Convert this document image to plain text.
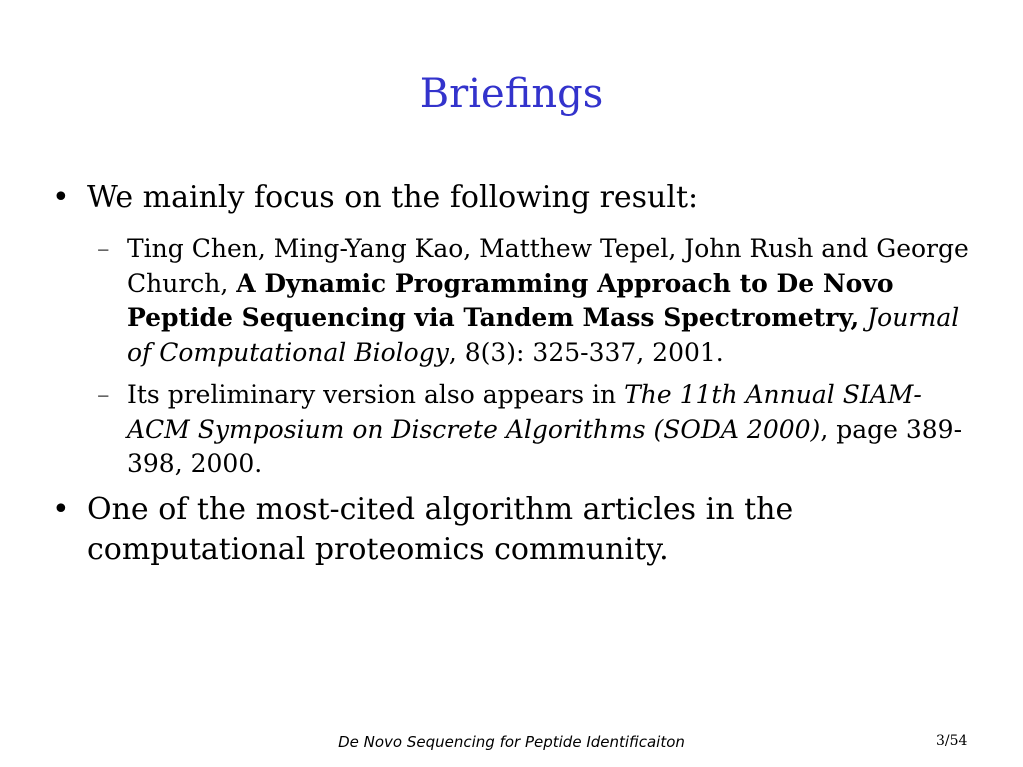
Briefings
• We mainly focus on the following result:
– Ting Chen, Ming-Yang Kao, Matthew Tepel, John Rush and George Church, A Dynamic Programming Approach to De Novo Peptide Sequencing via Tandem Mass Spectrometry, Journal of Computational Biology, 8(3): 325-337, 2001.
– Its preliminary version also appears in The 11th Annual SIAM-ACM Symposium on Discrete Algorithms (SODA 2000), page 389-398, 2000.
• One of the most-cited algorithm articles in the computational proteomics community.
De Novo Sequencing for Peptide Identificaiton	3/54
